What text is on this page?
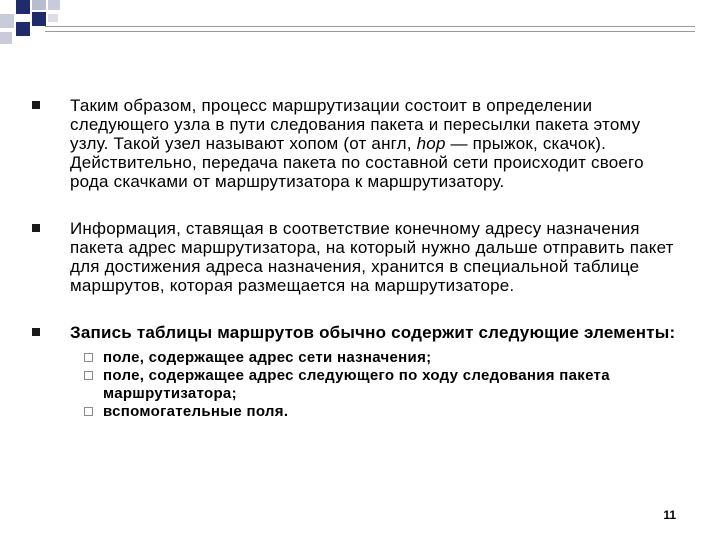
Таким образом, процесс маршрутизации состоит в определении следующего узла в пути следования пакета и пересылки пакета этому узлу. Такой узел называют хопом (от англ, hop — прыжок, скачок). Действительно, передача пакета по составной сети происходит своего рода скачками от маршрутизатора к маршрутизатору.
Информация, ставящая в соответствие конечному адресу назначения пакета адрес маршрутизатора, на который нужно дальше отправить пакет для достижения адреса назначения, хранится в специальной таблице маршрутов, которая размещается на маршрутизаторе.
Запись таблицы маршрутов обычно содержит следующие элементы:
поле, содержащее адрес сети назначения;
поле, содержащее адрес следующего по ходу следования пакета маршрутизатора;
вспомогательные поля.
11
